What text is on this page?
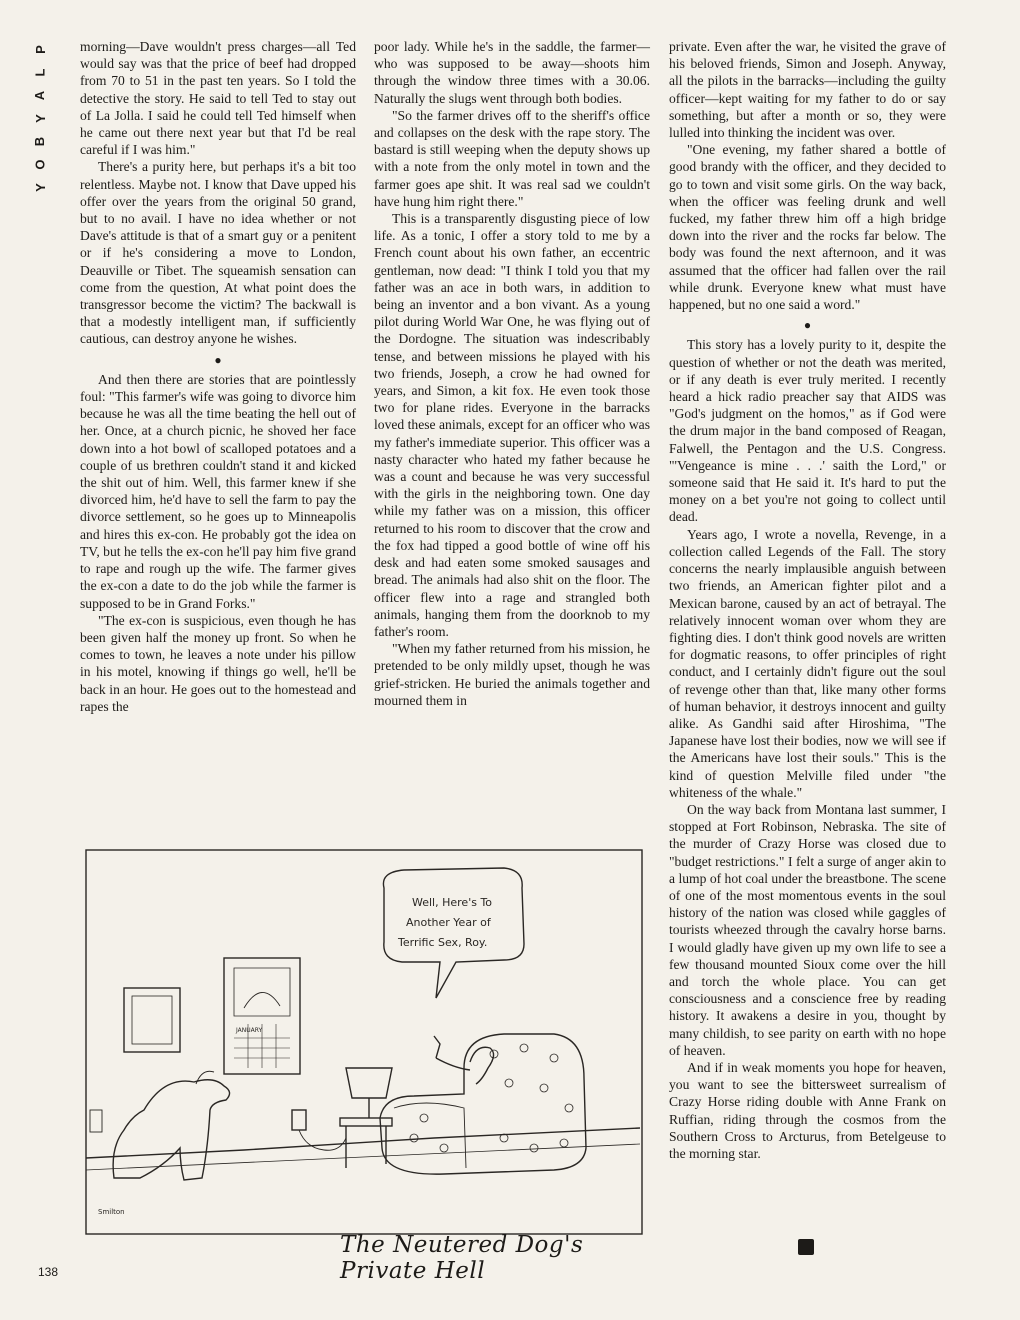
P
L
A
Y
B
O
Y

morning—Dave wouldn't press charges—all Ted would say was that the price of beef had dropped from 70 to 51 in the past ten years. So I told the detective the story. He said to tell Ted to stay out of La Jolla. I said he could tell Ted himself when he came out there next year but that I'd be real careful if I was him."

There's a purity here, but perhaps it's a bit too relentless. Maybe not. I know that Dave upped his offer over the years from the original 50 grand, but to no avail. I have no idea whether or not Dave's attitude is that of a smart guy or a penitent or if he's considering a move to London, Deauville or Tibet. The squeamish sensation can come from the question, At what point does the transgressor become the victim? The backwall is that a modestly intelligent man, if sufficiently cautious, can destroy anyone he wishes.

●

And then there are stories that are pointlessly foul: "This farmer's wife was going to divorce him because he was all the time beating the hell out of her. Once, at a church picnic, he shoved her face down into a hot bowl of scalloped potatoes and a couple of us brethren couldn't stand it and kicked the shit out of him. Well, this farmer knew if she divorced him, he'd have to sell the farm to pay the divorce settlement, so he goes up to Minneapolis and hires this ex-con. He probably got the idea on TV, but he tells the ex-con he'll pay him five grand to rape and rough up the wife. The farmer gives the ex-con a date to do the job while the farmer is supposed to be in Grand Forks."

"The ex-con is suspicious, even though he has been given half the money up front. So when he comes to town, he leaves a note under his pillow in his motel, knowing if things go well, he'll be back in an hour. He goes out to the homestead and rapes the

poor lady. While he's in the saddle, the farmer—who was supposed to be away—shoots him through the window three times with a 30.06. Naturally the slugs went through both bodies.

"So the farmer drives off to the sheriff's office and collapses on the desk with the rape story. The bastard is still weeping when the deputy shows up with a note from the only motel in town and the farmer goes ape shit. It was real sad we couldn't have hung him right there."

This is a transparently disgusting piece of low life. As a tonic, I offer a story told to me by a French count about his own father, an eccentric gentleman, now dead: "I think I told you that my father was an ace in both wars, in addition to being an inventor and a bon vivant. As a young pilot during World War One, he was flying out of the Dordogne. The situation was indescribably tense, and between missions he played with his two friends, Joseph, a crow he had owned for years, and Simon, a kit fox. He even took those two for plane rides. Everyone in the barracks loved these animals, except for an officer who was my father's immediate superior. This officer was a nasty character who hated my father because he was a count and because he was very successful with the girls in the neighboring town. One day while my father was on a mission, this officer returned to his room to discover that the crow and the fox had tipped a good bottle of wine off his desk and had eaten some smoked sausages and bread. The animals had also shit on the floor. The officer flew into a rage and strangled both animals, hanging them from the doorknob to my father's room.

"When my father returned from his mission, he pretended to be only mildly upset, though he was grief-stricken. He buried the animals together and mourned them in

private. Even after the war, he visited the grave of his beloved friends, Simon and Joseph. Anyway, all the pilots in the barracks—including the guilty officer—kept waiting for my father to do or say something, but after a month or so, they were lulled into thinking the incident was over.

"One evening, my father shared a bottle of good brandy with the officer, and they decided to go to town and visit some girls. On the way back, when the officer was feeling drunk and well fucked, my father threw him off a high bridge down into the river and the rocks far below. The body was found the next afternoon, and it was assumed that the officer had fallen over the rail while drunk. Everyone knew what must have happened, but no one said a word."

●

This story has a lovely purity to it, despite the question of whether or not the death was merited, or if any death is ever truly merited. I recently heard a hick radio preacher say that AIDS was "God's judgment on the homos," as if God were the drum major in the band composed of Reagan, Falwell, the Pentagon and the U.S. Congress. "'Vengeance is mine . . .' saith the Lord," or someone said that He said it. It's hard to put the money on a bet you're not going to collect until dead.

Years ago, I wrote a novella, Revenge, in a collection called Legends of the Fall. The story concerns the nearly implausible anguish between two friends, an American fighter pilot and a Mexican barone, caused by an act of betrayal. The relatively innocent woman over whom they are fighting dies. I don't think good novels are written for dogmatic reasons, to offer principles of right conduct, and I certainly didn't figure out the soul of revenge other than that, like many other forms of human behavior, it destroys innocent and guilty alike. As Gandhi said after Hiroshima, "The Japanese have lost their bodies, now we will see if the Americans have lost their souls." This is the kind of question Melville filed under "the whiteness of the whale."

On the way back from Montana last summer, I stopped at Fort Robinson, Nebraska. The site of the murder of Crazy Horse was closed due to "budget restrictions." I felt a surge of anger akin to a lump of hot coal under the breastbone. The scene of one of the most momentous events in the soul history of the nation was closed while gaggles of tourists wheezed through the cavalry horse barns. I would gladly have given up my own life to see a few thousand mounted Sioux come over the hill and torch the whole place. You can get consciousness and a conscience free by reading history. It awakens a desire in you, thought by many childish, to see parity on earth with no hope of heaven.

And if in weak moments you hope for heaven, you want to see the bittersweet surrealism of Crazy Horse riding double with Anne Frank on Ruffian, riding through the cosmos from the Southern Cross to Arcturus, from Betelgeuse to the morning star.

Well, Here's To
Another Year of
Terrific Sex, Roy.
JANUARY
Smilton
The Neutered Dog's Private Hell
138
